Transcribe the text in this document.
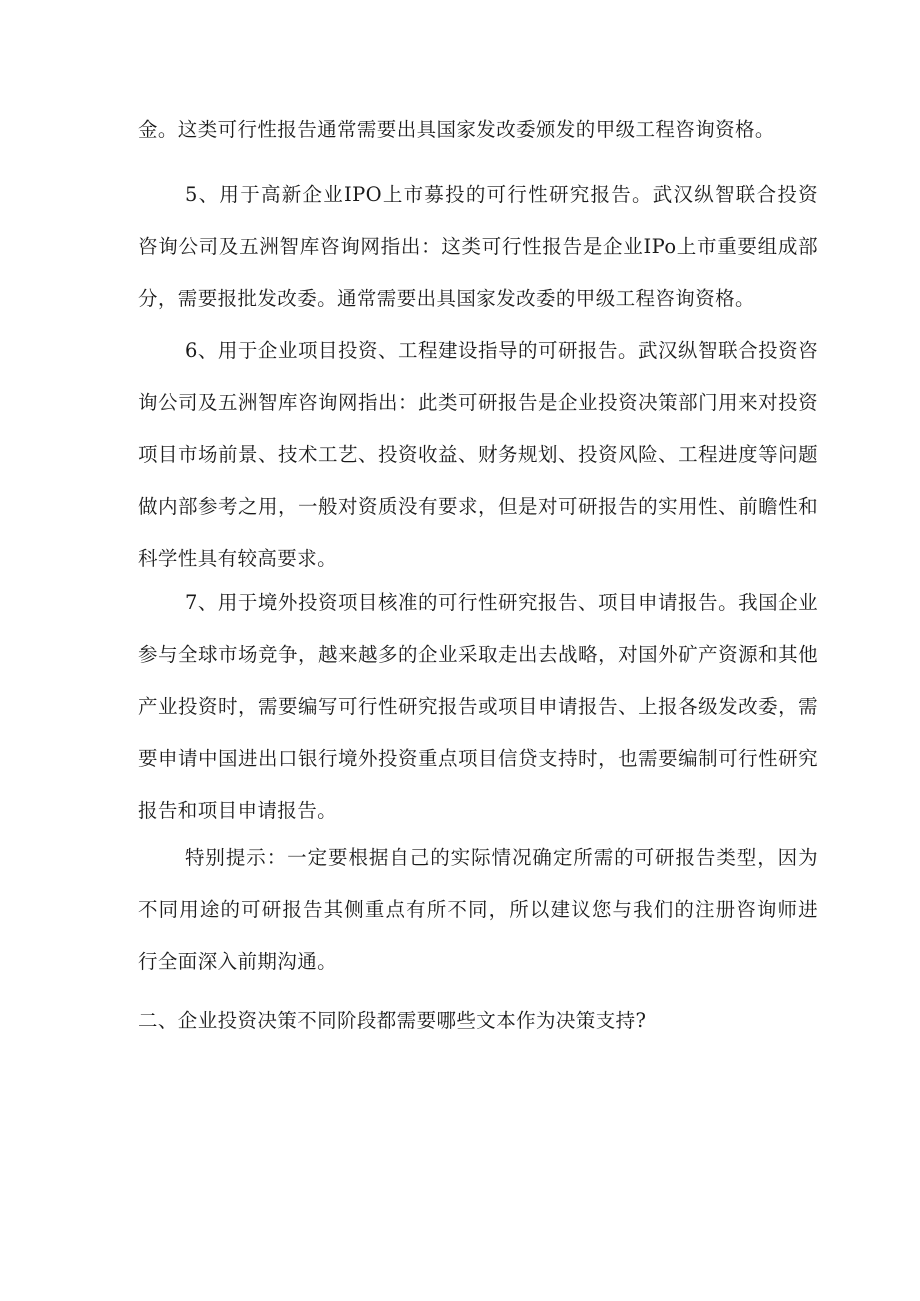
金。这类可行性报告通常需要出具国家发改委颁发的甲级工程咨询资格。
5、用于高新企业IPO上市募投的可行性研究报告。武汉纵智联合投资
咨询公司及五洲智库咨询网指出：这类可行性报告是企业IPo上市重要组成部
分，需要报批发改委。通常需要出具国家发改委的甲级工程咨询资格。
6、用于企业项目投资、工程建设指导的可研报告。武汉纵智联合投资咨
询公司及五洲智库咨询网指出：此类可研报告是企业投资决策部门用来对投资
项目市场前景、技术工艺、投资收益、财务规划、投资风险、工程进度等问题
做内部参考之用，一般对资质没有要求，但是对可研报告的实用性、前瞻性和
科学性具有较高要求。
7、用于境外投资项目核准的可行性研究报告、项目申请报告。我国企业
参与全球市场竞争，越来越多的企业采取走出去战略，对国外矿产资源和其他
产业投资时，需要编写可行性研究报告或项目申请报告、上报各级发改委，需
要申请中国进出口银行境外投资重点项目信贷支持时，也需要编制可行性研究
报告和项目申请报告。
特别提示：一定要根据自己的实际情况确定所需的可研报告类型，因为
不同用途的可研报告其侧重点有所不同，所以建议您与我们的注册咨询师进
行全面深入前期沟通。
二、企业投资决策不同阶段都需要哪些文本作为决策支持?
